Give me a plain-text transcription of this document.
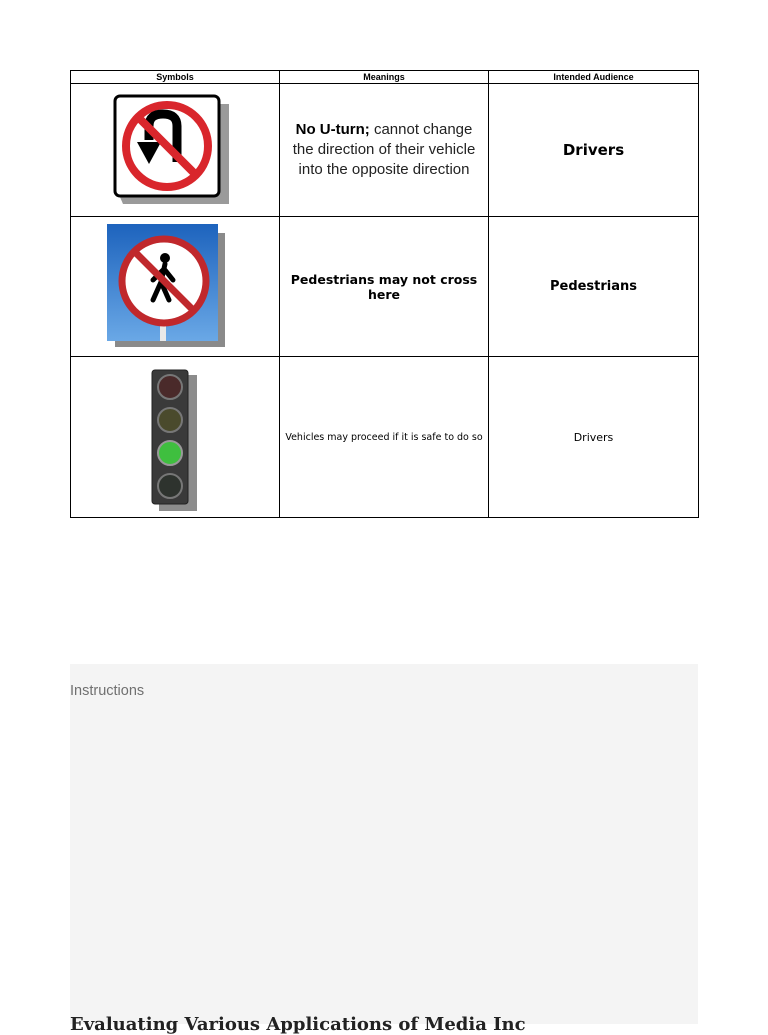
Symbols	Meanings	Intended Audience

	No U-turn; cannot change the direction of their vehicle into the opposite direction	Drivers

	Pedestrians may not cross here	Pedestrians

	Vehicles may proceed if it is safe to do so	Drivers
Instructions
Evaluating Various Applications of Media Inc
